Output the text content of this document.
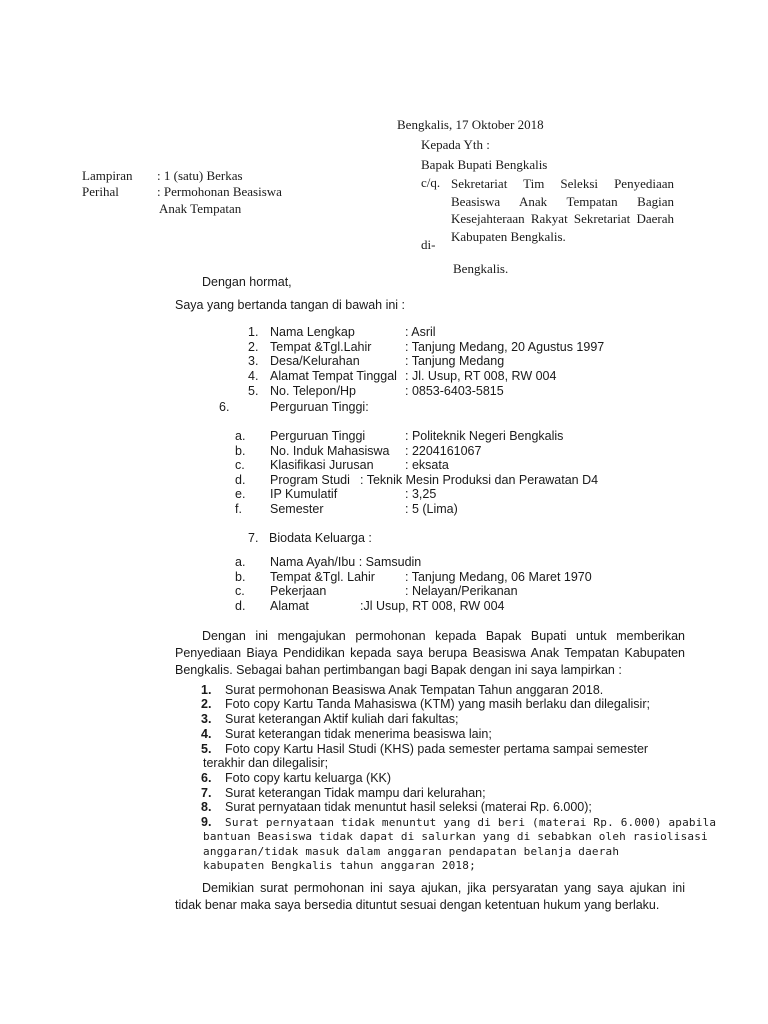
Bengkalis, 17 Oktober 2018
Kepada Yth :
Bapak Bupati Bengkalis
c/q. Sekretariat Tim Seleksi Penyediaan Beasiswa Anak Tempatan Bagian Kesejahteraan Rakyat Sekretariat Daerah Kabupaten Bengkalis.
di-
Bengkalis.
Lampiran : 1 (satu) Berkas
Perihal	: Permohonan Beasiswa
Anak Tempatan
Dengan hormat,
Saya yang bertanda tangan di bawah ini :
1. Nama Lengkap	: Asril
2. Tempat &Tgl.Lahir	: Tanjung Medang, 20 Agustus 1997
3. Desa/Kelurahan	: Tanjung Medang
4. Alamat Tempat Tinggal : Jl. Usup, RT 008, RW 004
5. No. Telepon/Hp	: 0853-6403-5815
6.	Perguruan Tinggi:
a. Perguruan Tinggi	: Politeknik Negeri Bengkalis
b. No. Induk Mahasiswa : 2204161067
c. Klasifikasi Jurusan	: eksata
d. Program Studi : Teknik Mesin Produksi dan Perawatan D4
e. IP Kumulatif	: 3,25
f. Semester	: 5 (Lima)
7. Biodata Keluarga :
a. Nama Ayah/Ibu : Samsudin
b. Tempat &Tgl. Lahir : Tanjung Medang, 06 Maret 1970
c. Pekerjaan	: Nelayan/Perikanan
d. Alamat	:Jl Usup, RT 008, RW 004
Dengan ini mengajukan permohonan kepada Bapak Bupati untuk memberikan Penyediaan Biaya Pendidikan kepada saya berupa Beasiswa Anak Tempatan Kabupaten Bengkalis. Sebagai bahan pertimbangan bagi Bapak dengan ini saya lampirkan :
1. Surat permohonan Beasiswa Anak Tempatan Tahun anggaran 2018.
2. Foto copy Kartu Tanda Mahasiswa (KTM) yang masih berlaku dan dilegalisir;
3. Surat keterangan Aktif kuliah dari fakultas;
4. Surat keterangan tidak menerima beasiswa lain;
5. Foto copy Kartu Hasil Studi (KHS) pada semester pertama sampai semester
terakhir dan dilegalisir;
6. Foto copy kartu keluarga (KK)
7. Surat keterangan Tidak mampu dari kelurahan;
8. Surat pernyataan tidak menuntut hasil seleksi (materai Rp. 6.000);
9. Surat pernyataan tidak menuntut yang di beri (materai Rp. 6.000) apabila
bantuan Beasiswa tidak dapat di salurkan yang di sebabkan oleh rasiolisasi
anggaran/tidak masuk dalam anggaran pendapatan belanja daerah
kabupaten Bengkalis tahun anggaran 2018;
Demikian surat permohonan ini saya ajukan, jika persyaratan yang saya ajukan ini tidak benar maka saya bersedia dituntut sesuai dengan ketentuan hukum yang berlaku.
